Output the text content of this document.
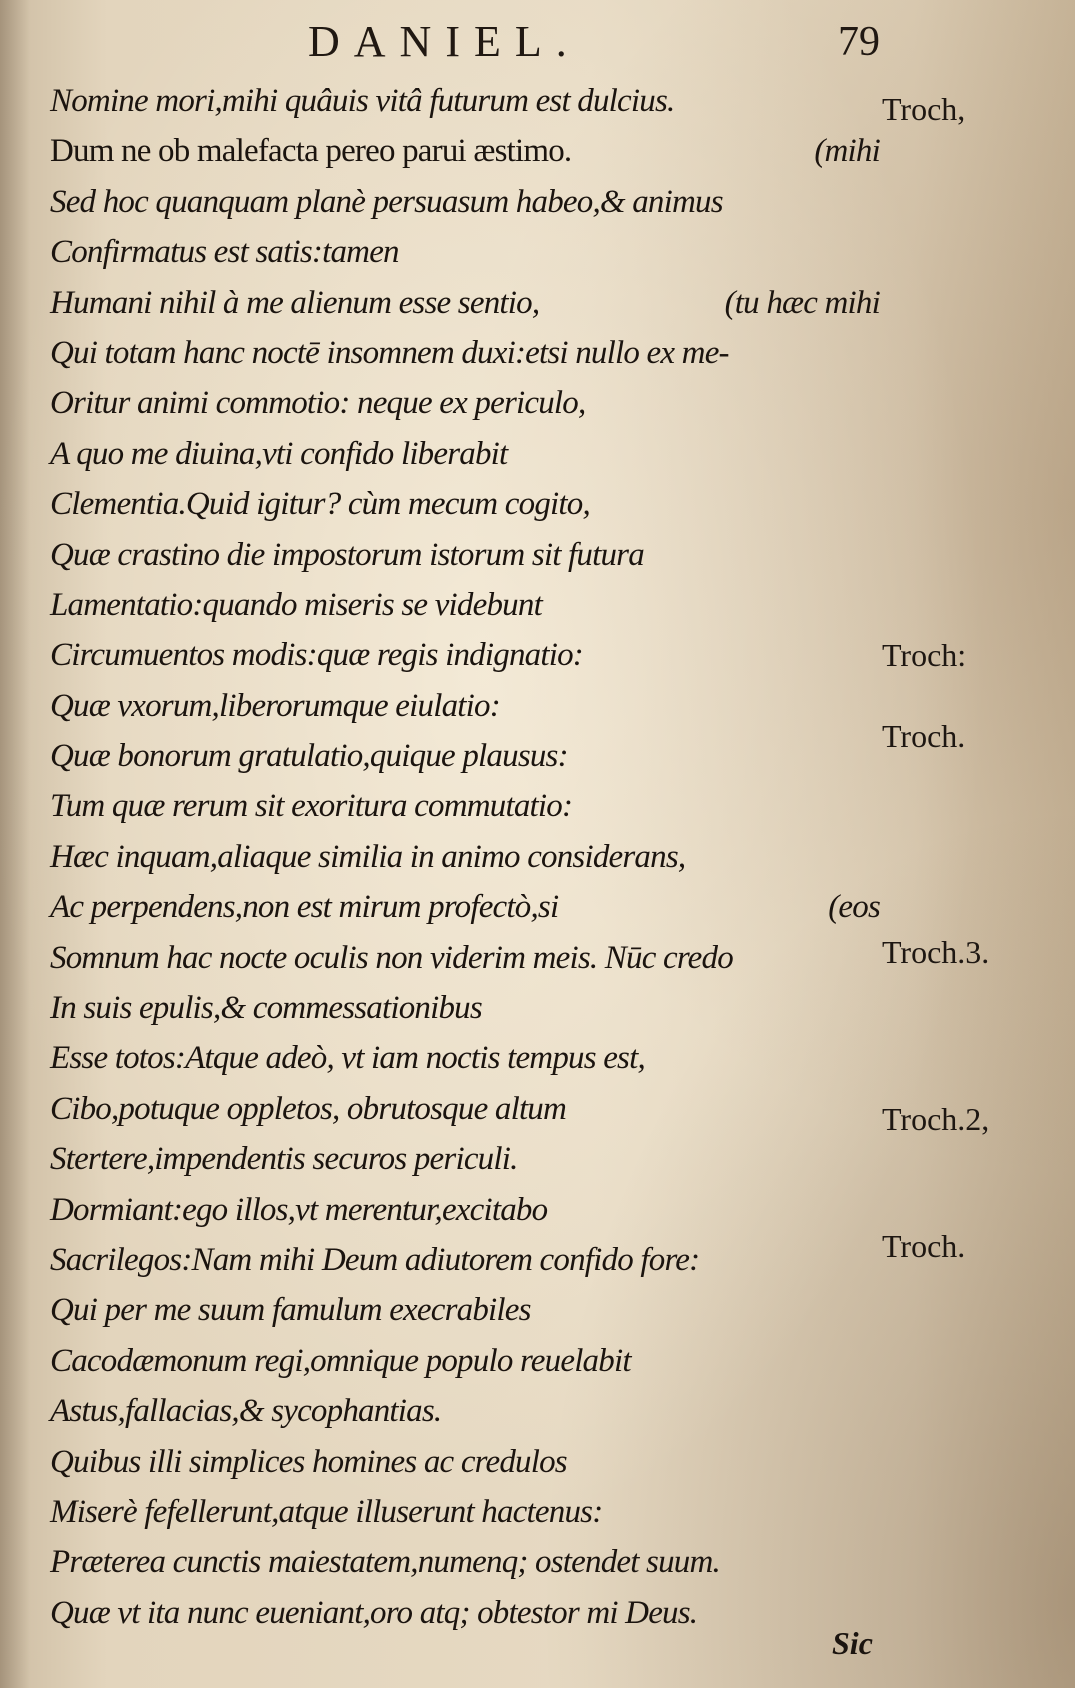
DANIEL.	79
Nomine mori,mihi quâuis vitâ futurum est dulcius.
Dum ne ob malefacta pereo parui æstimo.	(mihi
Sed hoc quanquam planè persuasum habeo,& animus
Confirmatus est satis:tamen
Humani nihil à me alienum esse sentio,	(tu hæc mihi
Qui totam hanc noctē insomnem duxi:etsi nullo ex me-
Oritur animi commotio: neque ex periculo,
A quo me diuina,vti confido liberabit
Clementia.Quid igitur? cùm mecum cogito,
Quæ crastino die impostorum istorum sit futura
Lamentatio:quando miseris se videbunt
Circumuentos modis:quæ regis indignatio:
Quæ vxorum,liberorumque eiulatio:
Quæ bonorum gratulatio,quique plausus:
Tum quæ rerum sit exoritura commutatio:
Hæc inquam,aliaque similia in animo considerans,
Ac perpendens,non est mirum profectò,si	(eos
Somnum hac nocte oculis non viderim meis. Nūc credo
In suis epulis,& commessationibus
Esse totos:Atque adeò, vt iam noctis tempus est,
Cibo,potuque oppletos, obrutosque altum
Stertere,impendentis securos periculi.
Dormiant:ego illos,vt merentur,excitabo
Sacrilegos:Nam mihi Deum adiutorem confido fore:
Qui per me suum famulum execrabiles
Cacodæmonum regi,omnique populo reuelabit
Astus,fallacias,& sycophantias.
Quibus illi simplices homines ac credulos
Miserè fefellerunt,atque illuserunt hactenus:
Præterea cunctis maiestatem,numenq; ostendet suum.
Quæ vt ita nunc eueniant,oro atq; obtestor mi Deus.
Troch,
Troch:
Troch.
Troch.3.
Troch.2,
Troch.
Sic
